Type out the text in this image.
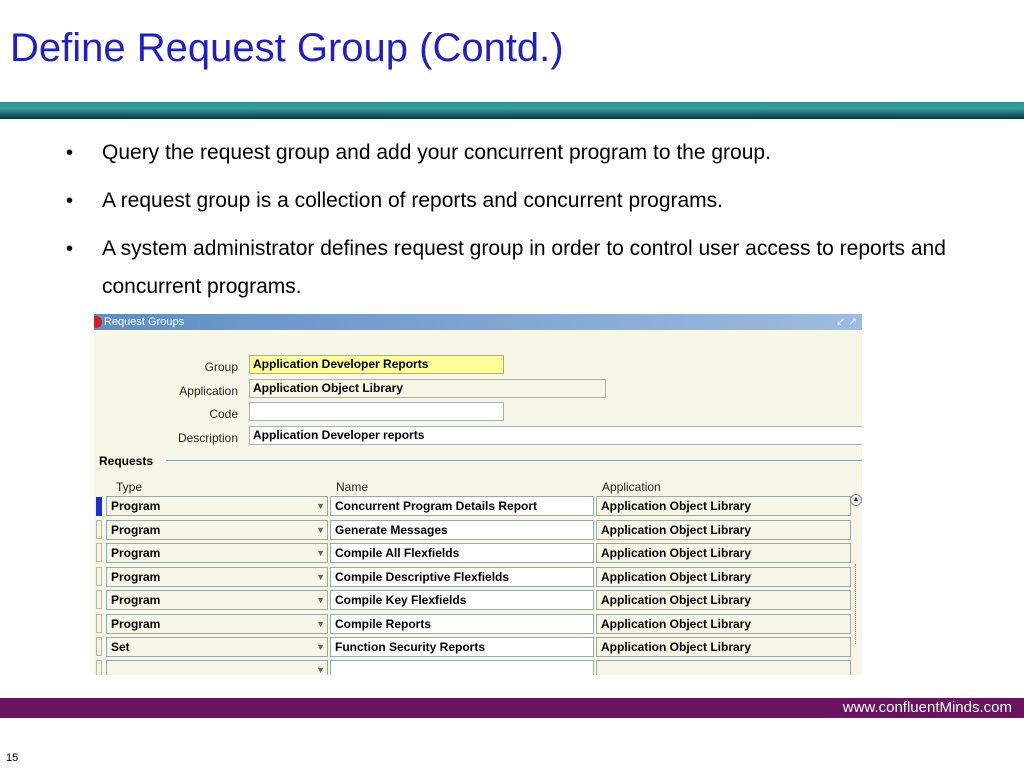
Define Request Group (Contd.)
•	Query the request group and add your concurrent program to the group.
•	A request group is a collection of reports and concurrent programs.
•	A system administrator defines request group in order to control user access to reports and concurrent programs.
Request Groups	↙ ↗
Group	Application Developer Reports
Application	Application Object Library
Code
Description	Application Developer reports
Requests
Type	Name	Application
Program	▼ Concurrent Program Details Report	Application Object Library
Program	▼ Generate Messages	Application Object Library
Program	▼ Compile All Flexfields	Application Object Library
Program	▼ Compile Descriptive Flexfields	Application Object Library
Program	▼ Compile Key Flexfields	Application Object Library
Program	▼ Compile Reports	Application Object Library
Set	▼ Function Security Reports	Application Object Library
▼
▲
www.confluentMinds.com
15
